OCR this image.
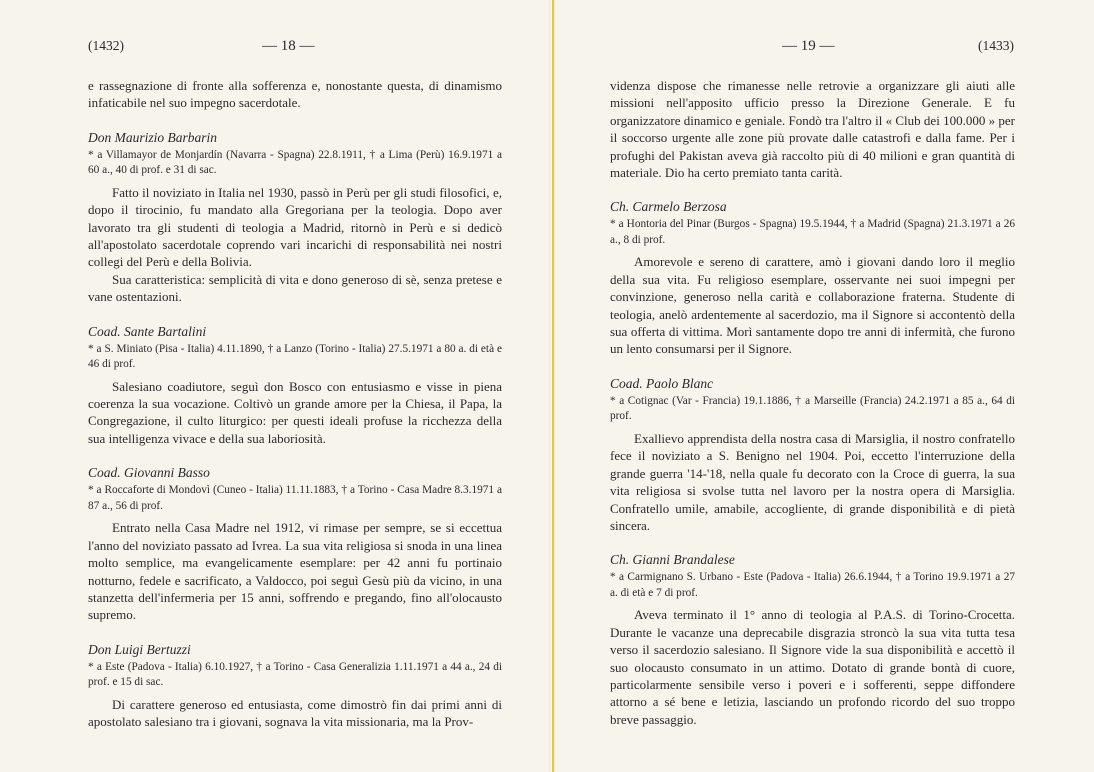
(1432)	— 18 —

e rassegnazione di fronte alla sofferenza e, nonostante questa, di dinamismo infaticabile nel suo impegno sacerdotale.

Don Maurizio Barbarin
* a Villamayor de Monjardín (Navarra - Spagna) 22.8.1911, † a Lima (Perù) 16.9.1971 a 60 a., 40 di prof. e 31 di sac.

Fatto il noviziato in Italia nel 1930, passò in Perù per gli studi filosofici, e, dopo il tirocinio, fu mandato alla Gregoriana per la teologia. Dopo aver lavorato tra gli studenti di teologia a Madrid, ritornò in Perù e si dedicò all'apostolato sacerdotale coprendo vari incarichi di responsabilità nei nostri collegi del Perù e della Bolivia.

Sua caratteristica: semplicità di vita e dono generoso di sè, senza pretese e vane ostentazioni.

Coad. Sante Bartalini
* a S. Miniato (Pisa - Italia) 4.11.1890, † a Lanzo (Torino - Italia) 27.5.1971 a 80 a. di età e 46 di prof.

Salesiano coadiutore, seguì don Bosco con entusiasmo e visse in piena coerenza la sua vocazione. Coltivò un grande amore per la Chiesa, il Papa, la Congregazione, il culto liturgico: per questi ideali profuse la ricchezza della sua intelligenza vivace e della sua laboriosità.

Coad. Giovanni Basso
* a Roccaforte di Mondovì (Cuneo - Italia) 11.11.1883, † a Torino - Casa Madre 8.3.1971 a 87 a., 56 di prof.

Entrato nella Casa Madre nel 1912, vi rimase per sempre, se si eccettua l'anno del noviziato passato ad Ivrea. La sua vita religiosa si snoda in una linea molto semplice, ma evangelicamente esemplare: per 42 anni fu portinaio notturno, fedele e sacrificato, a Valdocco, poi seguì Gesù più da vicino, in una stanzetta dell'infermeria per 15 anni, soffrendo e pregando, fino all'olocausto supremo.

Don Luigi Bertuzzi
* a Este (Padova - Italia) 6.10.1927, † a Torino - Casa Generalizia 1.11.1971 a 44 a., 24 di prof. e 15 di sac.

Di carattere generoso ed entusiasta, come dimostrò fin dai primi anni di apostolato salesiano tra i giovani, sognava la vita missionaria, ma la Prov-

— 19 —	(1433)

videnza dispose che rimanesse nelle retrovie a organizzare gli aiuti alle missioni nell'apposito ufficio presso la Direzione Generale. E fu organizzatore dinamico e geniale. Fondò tra l'altro il « Club dei 100.000 » per il soccorso urgente alle zone più provate dalle catastrofi e dalla fame. Per i profughi del Pakistan aveva già raccolto più di 40 milioni e gran quantità di materiale. Dio ha certo premiato tanta carità.

Ch. Carmelo Berzosa
* a Hontoria del Pinar (Burgos - Spagna) 19.5.1944, † a Madrid (Spagna) 21.3.1971 a 26 a., 8 di prof.

Amorevole e sereno di carattere, amò i giovani dando loro il meglio della sua vita. Fu religioso esemplare, osservante nei suoi impegni per convinzione, generoso nella carità e collaborazione fraterna. Studente di teologia, anelò ardentemente al sacerdozio, ma il Signore si accontentò della sua offerta di vittima. Morì santamente dopo tre anni di infermità, che furono un lento consumarsi per il Signore.

Coad. Paolo Blanc
* a Cotignac (Var - Francia) 19.1.1886, † a Marseille (Francia) 24.2.1971 a 85 a., 64 di prof.

Exallievo apprendista della nostra casa di Marsiglia, il nostro confratello fece il noviziato a S. Benigno nel 1904. Poi, eccetto l'interruzione della grande guerra '14-'18, nella quale fu decorato con la Croce di guerra, la sua vita religiosa si svolse tutta nel lavoro per la nostra opera di Marsiglia. Confratello umile, amabile, accogliente, di grande disponibilità e di pietà sincera.

Ch. Gianni Brandalese
* a Carmignano S. Urbano - Este (Padova - Italia) 26.6.1944, † a Torino 19.9.1971 a 27 a. di età e 7 di prof.

Aveva terminato il 1° anno di teologia al P.A.S. di Torino-Crocetta. Durante le vacanze una deprecabile disgrazia stroncò la sua vita tutta tesa verso il sacerdozio salesiano. Il Signore vide la sua disponibilità e accettò il suo olocausto consumato in un attimo. Dotato di grande bontà di cuore, particolarmente sensibile verso i poveri e i sofferenti, seppe diffondere attorno a sé bene e letizia, lasciando un profondo ricordo del suo troppo breve passaggio.
